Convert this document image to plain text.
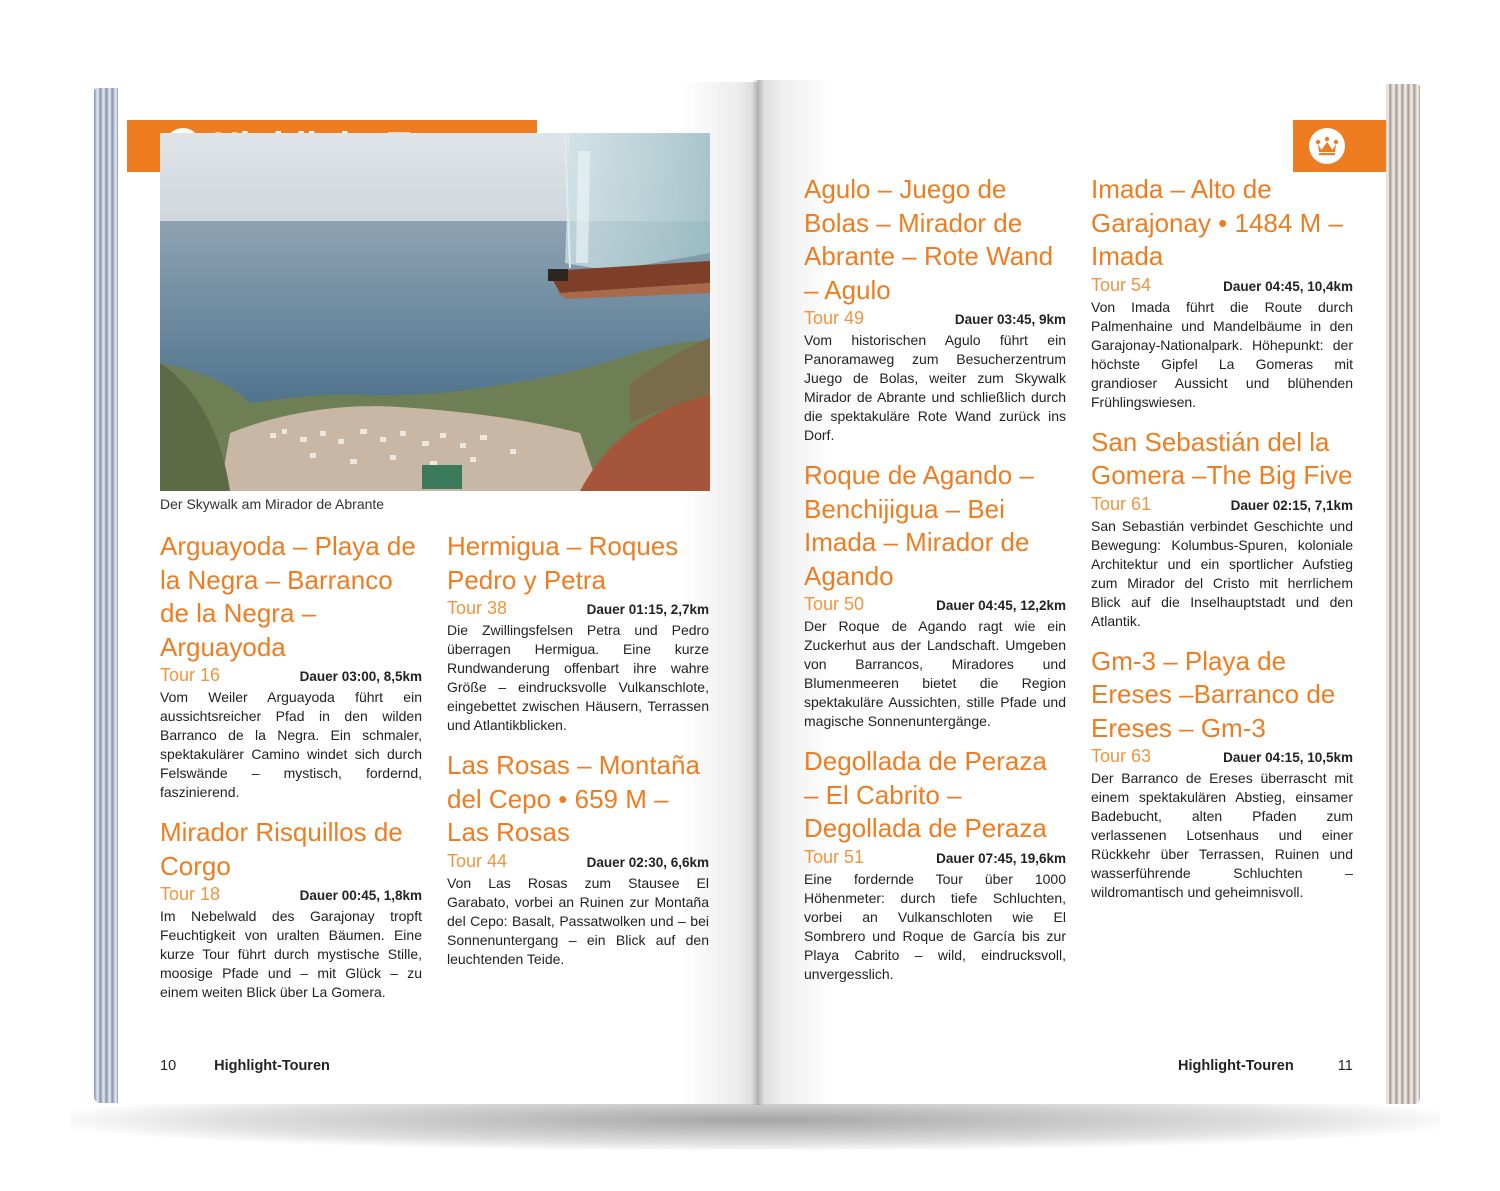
Der Skywalk am Mirador de Abrante
Arguayoda – Playa de la Negra – Barranco de la Negra –Arguayoda
Tour 16	Dauer 03:00, 8,5km

Vom Weiler Arguayoda führt ein aussichtsreicher Pfad in den wilden Barranco de la Negra. Ein schmaler, spektakulärer Camino windet sich durch Felswände – mystisch, fordernd, faszinierend.

Mirador Risquillos de Corgo
Tour 18	Dauer 00:45, 1,8km

Im Nebelwald des Garajonay tropft Feuchtigkeit von uralten Bäumen. Eine kurze Tour führt durch mystische Stille, moosige Pfade und – mit Glück – zu einem weiten Blick über La Gomera.

Hermigua – Roques Pedro y Petra
Tour 38	Dauer 01:15, 2,7km

Die Zwillingsfelsen Petra und Pedro überragen Hermigua. Eine kurze Rundwanderung offenbart ihre wahre Größe – eindrucksvolle Vulkanschlote, eingebettet zwischen Häusern, Terrassen und Atlantikblicken.

Las Rosas – Montaña del Cepo • 659 M – Las Rosas
Tour 44	Dauer 02:30, 6,6km

Von Las Rosas zum Stausee El Garabato, vorbei an Ruinen zur Montaña del Cepo: Basalt, Passatwolken und – bei Sonnenuntergang – ein Blick auf den leuchtenden Teide.

Agulo – Juego de Bolas – Mirador de Abrante – Rote Wand – Agulo
Tour 49	Dauer 03:45, 9km

Vom historischen Agulo führt ein Panoramaweg zum Besucherzentrum Juego de Bolas, weiter zum Skywalk Mirador de Abrante und schließlich durch die spektakuläre Rote Wand zurück ins Dorf.

Roque de Agando – Benchijigua – Bei Imada – Mirador de Agando
Tour 50	Dauer 04:45, 12,2km

Der Roque de Agando ragt wie ein Zuckerhut aus der Landschaft. Umgeben von Barrancos, Miradores und Blumenmeeren bietet die Region spektakuläre Aussichten, stille Pfade und magische Sonnenuntergänge.

Degollada de Peraza – El Cabrito – Degollada de Peraza
Tour 51	Dauer 07:45, 19,6km

Eine fordernde Tour über 1000 Höhenmeter: durch tiefe Schluchten, vorbei an Vulkanschloten wie El Sombrero und Roque de García bis zur Playa Cabrito – wild, eindrucksvoll, unvergesslich.

Imada – Alto de Garajonay • 1484 M – Imada
Tour 54	Dauer 04:45, 10,4km

Von Imada führt die Route durch Palmenhaine und Mandelbäume in den Garajonay-Nationalpark. Höhepunkt: der höchste Gipfel La Gomeras mit grandioser Aussicht und blühenden Frühlingswiesen.

San Sebastián del la Gomera –The Big Five
Tour 61	Dauer 02:15, 7,1km

San Sebastián verbindet Geschichte und Bewegung: Kolumbus-Spuren, koloniale Architektur und ein sportlicher Aufstieg zum Mirador del Cristo mit herrlichem Blick auf die Inselhauptstadt und den Atlantik.

Gm-3 – Playa de Ereses –Barranco de Ereses – Gm-3
Tour 63	Dauer 04:15, 10,5km

Der Barranco de Ereses überrascht mit einem spektakulären Abstieg, einsamer Badebucht, alten Pfaden zum verlassenen Lotsenhaus und einer Rückkehr über Terrassen, Ruinen und wasserführende Schluchten – wildromantisch und geheimnisvoll.

10	Highlight-Touren	Highlight-Touren	11
